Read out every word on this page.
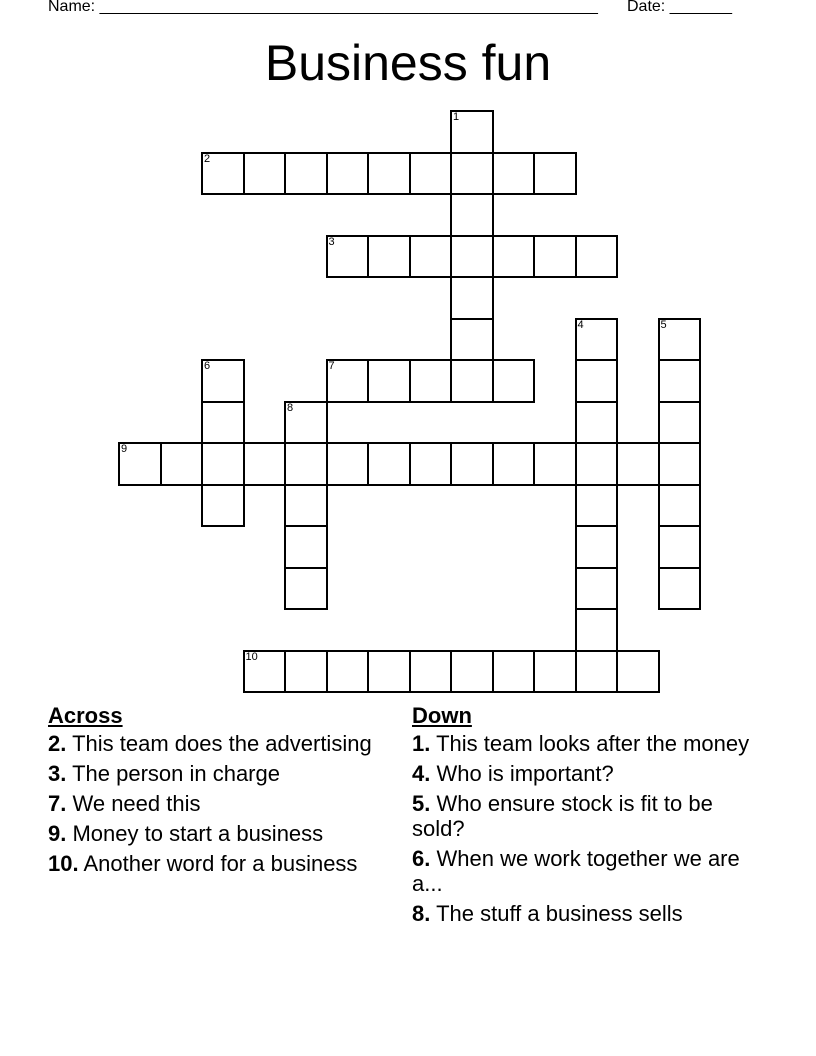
Name: ________________________________________________________ Date: _______
Business fun
1
2
3
4	5
6	7
8
9
10
Across
2. This team does the advertising
3. The person in charge
7. We need this
9. Money to start a business
10. Another word for a business
Down
1. This team looks after the money
4. Who is important?
5. Who ensure stock is fit to be sold?
6. When we work together we are a...
8. The stuff a business sells
